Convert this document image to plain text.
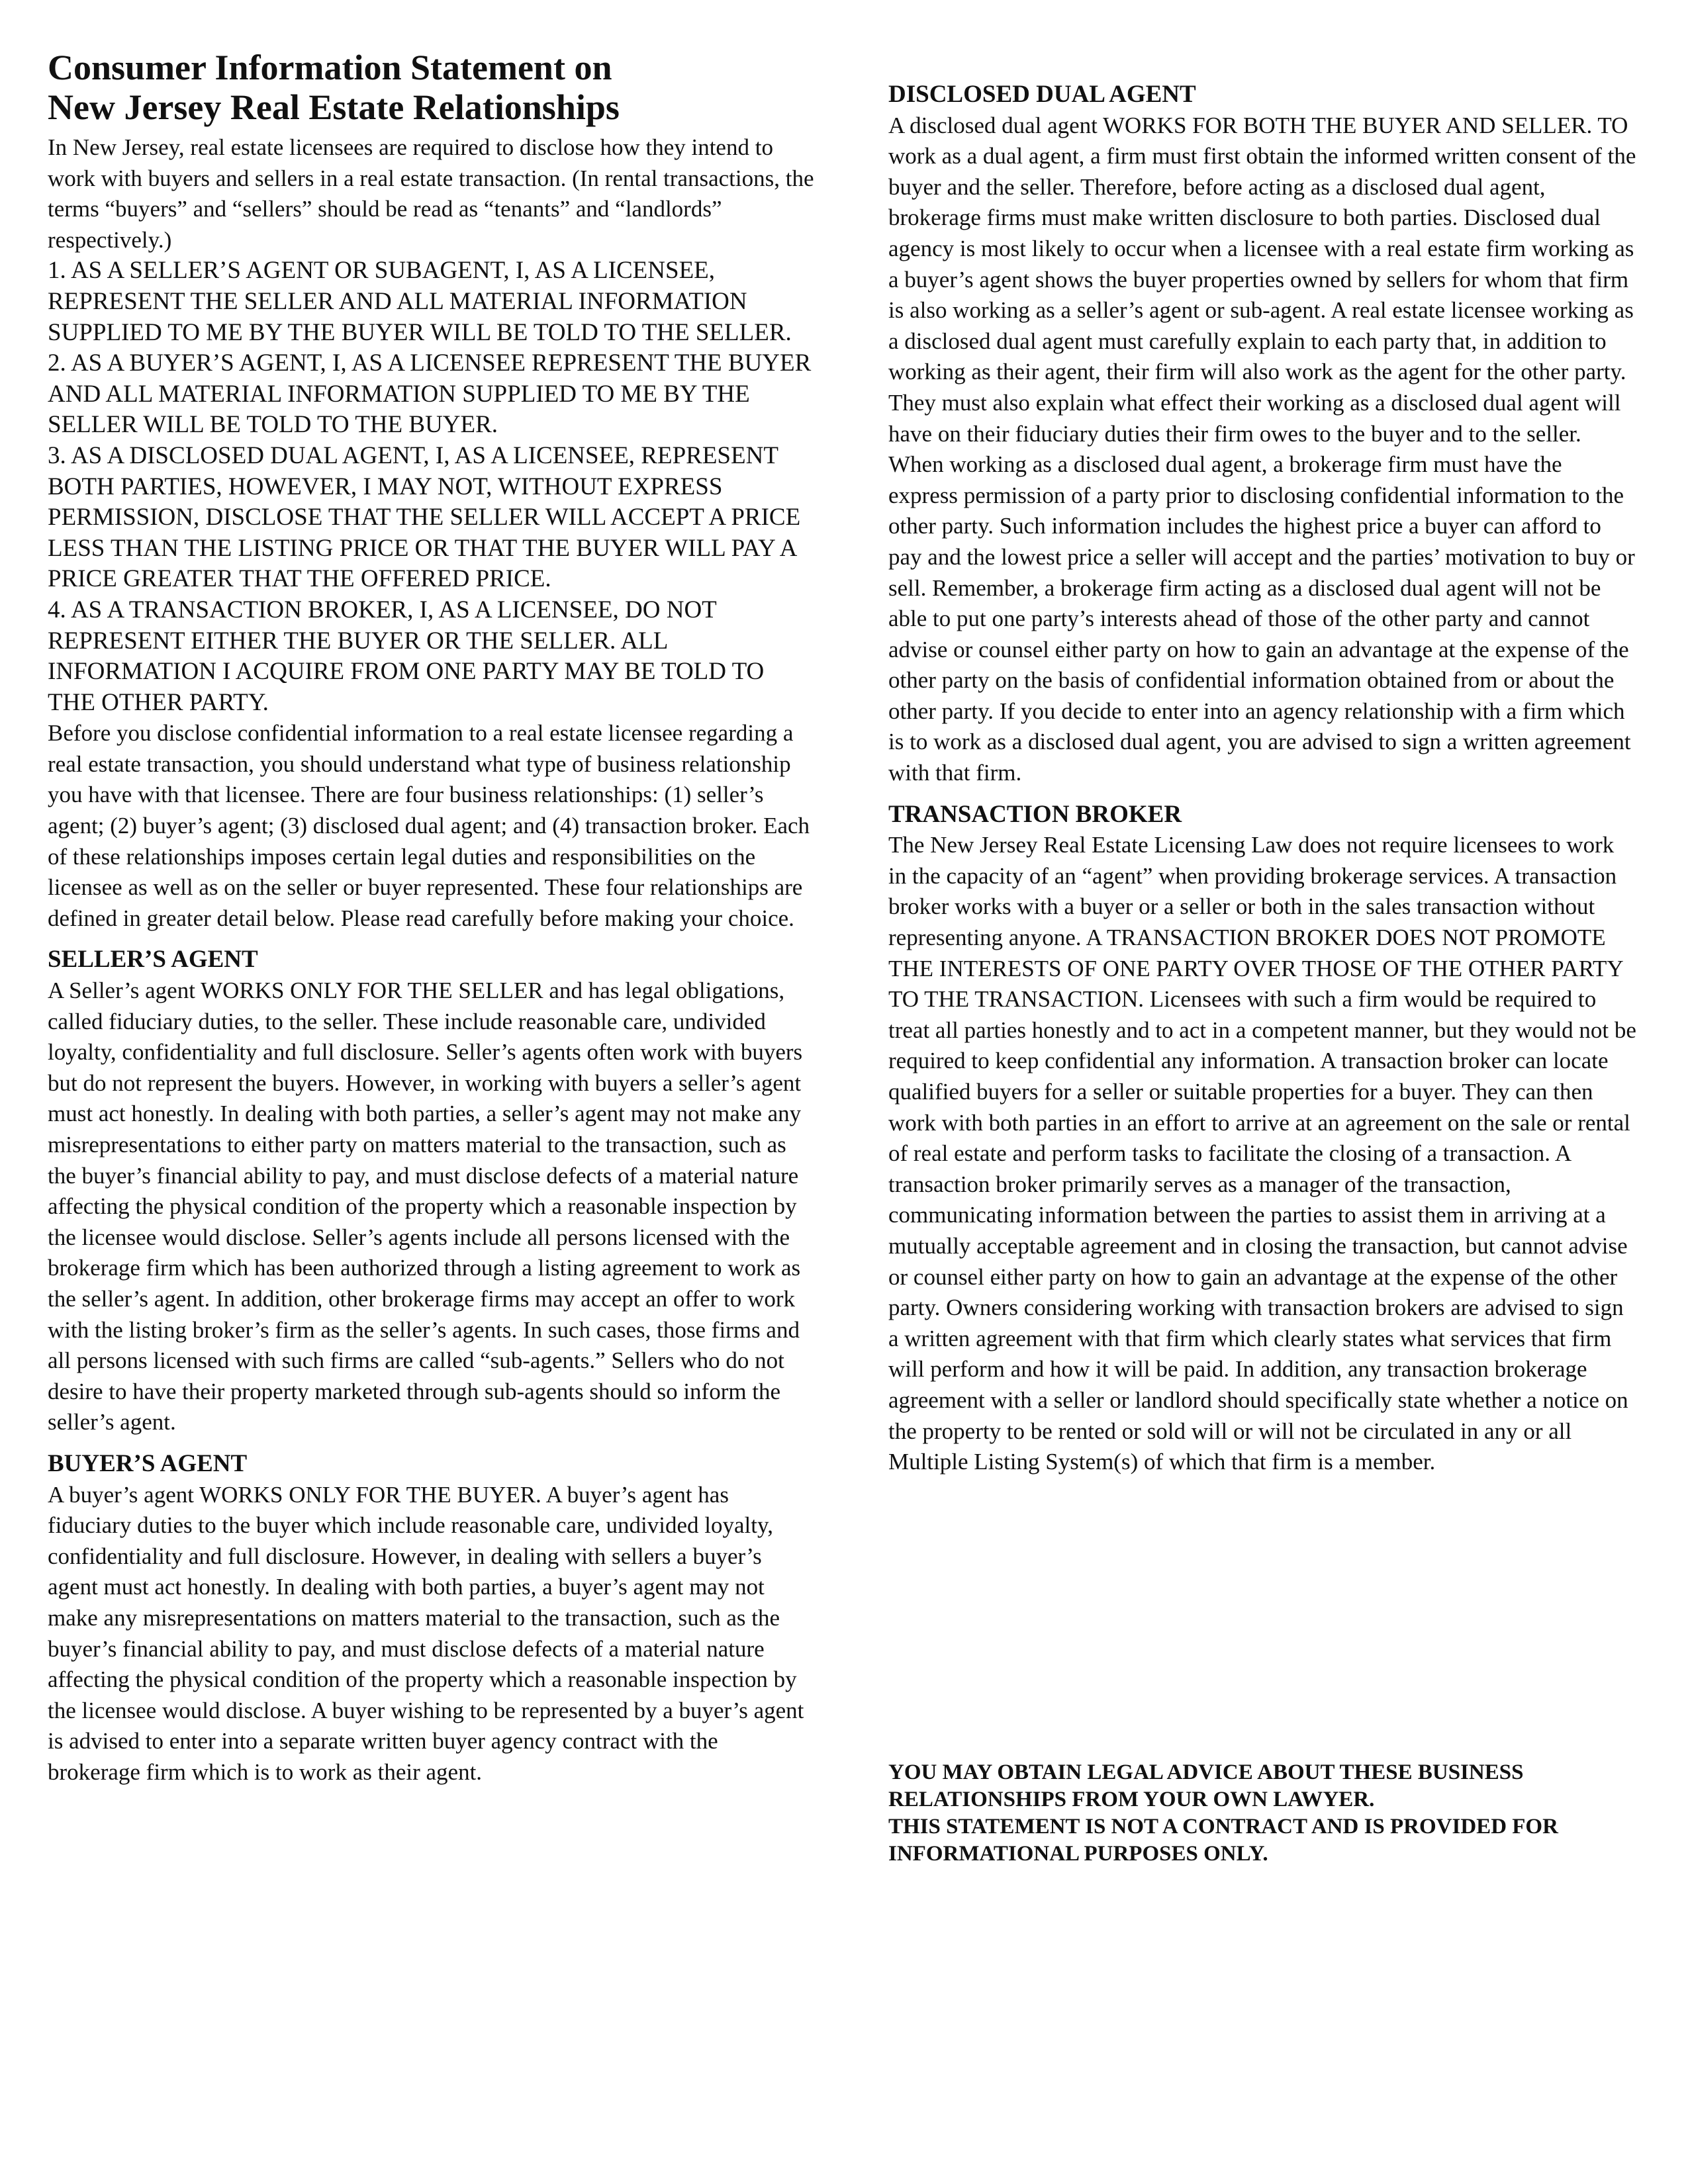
Consumer Information Statement on
New Jersey Real Estate Relationships

In New Jersey, real estate licensees are required to disclose how they intend to work with buyers and sellers in a real estate transaction. (In rental transactions, the terms “buyers” and “sellers” should be read as “tenants” and “landlords” respectively.)

1. AS A SELLER’S AGENT OR SUBAGENT, I, AS A LICENSEE, REPRESENT THE SELLER AND ALL MATERIAL INFORMATION SUPPLIED TO ME BY THE BUYER WILL BE TOLD TO THE SELLER.

2. AS A BUYER’S AGENT, I, AS A LICENSEE REPRESENT THE BUYER AND ALL MATERIAL INFORMATION SUPPLIED TO ME BY THE SELLER WILL BE TOLD TO THE BUYER.

3. AS A DISCLOSED DUAL AGENT, I, AS A LICENSEE, REPRESENT BOTH PARTIES, HOWEVER, I MAY NOT, WITHOUT EXPRESS PERMISSION, DISCLOSE THAT THE SELLER WILL ACCEPT A PRICE LESS THAN THE LISTING PRICE OR THAT THE BUYER WILL PAY A PRICE GREATER THAT THE OFFERED PRICE.

4. AS A TRANSACTION BROKER, I, AS A LICENSEE, DO NOT REPRESENT EITHER THE BUYER OR THE SELLER. ALL INFORMATION I ACQUIRE FROM ONE PARTY MAY BE TOLD TO THE OTHER PARTY.

Before you disclose confidential information to a real estate licensee regarding a real estate transaction, you should understand what type of business relationship you have with that licensee. There are four business relationships: (1) seller’s agent; (2) buyer’s agent; (3) disclosed dual agent; and (4) transaction broker. Each of these relationships imposes certain legal duties and responsibilities on the licensee as well as on the seller or buyer represented. These four relationships are defined in greater detail below. Please read carefully before making your choice.

SELLER’S AGENT

A Seller’s agent WORKS ONLY FOR THE SELLER and has legal obligations, called fiduciary duties, to the seller. These include reasonable care, undivided loyalty, confidentiality and full disclosure. Seller’s agents often work with buyers but do not represent the buyers. However, in working with buyers a seller’s agent must act honestly. In dealing with both parties, a seller’s agent may not make any misrepresentations to either party on matters material to the transaction, such as the buyer’s financial ability to pay, and must disclose defects of a material nature affecting the physical condition of the property which a reasonable inspection by the licensee would disclose. Seller’s agents include all persons licensed with the brokerage firm which has been authorized through a listing agreement to work as the seller’s agent. In addition, other brokerage firms may accept an offer to work with the listing broker’s firm as the seller’s agents. In such cases, those firms and all persons licensed with such firms are called “sub-agents.” Sellers who do not desire to have their property marketed through sub-agents should so inform the seller’s agent.

BUYER’S AGENT

A buyer’s agent WORKS ONLY FOR THE BUYER. A buyer’s agent has fiduciary duties to the buyer which include reasonable care, undivided loyalty, confidentiality and full disclosure. However, in dealing with sellers a buyer’s agent must act honestly. In dealing with both parties, a buyer’s agent may not make any misrepresentations on matters material to the transaction, such as the buyer’s financial ability to pay, and must disclose defects of a material nature affecting the physical condition of the property which a reasonable inspection by the licensee would disclose. A buyer wishing to be represented by a buyer’s agent is advised to enter into a separate written buyer agency contract with the brokerage firm which is to work as their agent.

DISCLOSED DUAL AGENT

A disclosed dual agent WORKS FOR BOTH THE BUYER AND SELLER. TO work as a dual agent, a firm must first obtain the informed written consent of the buyer and the seller. Therefore, before acting as a disclosed dual agent, brokerage firms must make written disclosure to both parties. Disclosed dual agency is most likely to occur when a licensee with a real estate firm working as a buyer’s agent shows the buyer properties owned by sellers for whom that firm is also working as a seller’s agent or sub-agent. A real estate licensee working as a disclosed dual agent must carefully explain to each party that, in addition to working as their agent, their firm will also work as the agent for the other party. They must also explain what effect their working as a disclosed dual agent will have on their fiduciary duties their firm owes to the buyer and to the seller. When working as a disclosed dual agent, a brokerage firm must have the express permission of a party prior to disclosing confidential information to the other party. Such information includes the highest price a buyer can afford to pay and the lowest price a seller will accept and the parties’ motivation to buy or sell. Remember, a brokerage firm acting as a disclosed dual agent will not be able to put one party’s interests ahead of those of the other party and cannot advise or counsel either party on how to gain an advantage at the expense of the other party on the basis of confidential information obtained from or about the other party. If you decide to enter into an agency relationship with a firm which is to work as a disclosed dual agent, you are advised to sign a written agreement with that firm.

TRANSACTION BROKER

The New Jersey Real Estate Licensing Law does not require licensees to work in the capacity of an “agent” when providing brokerage services. A transaction broker works with a buyer or a seller or both in the sales transaction without representing anyone. A TRANSACTION BROKER DOES NOT PROMOTE THE INTERESTS OF ONE PARTY OVER THOSE OF THE OTHER PARTY TO THE TRANSACTION. Licensees with such a firm would be required to treat all parties honestly and to act in a competent manner, but they would not be required to keep confidential any information. A transaction broker can locate qualified buyers for a seller or suitable properties for a buyer. They can then work with both parties in an effort to arrive at an agreement on the sale or rental of real estate and perform tasks to facilitate the closing of a transaction. A transaction broker primarily serves as a manager of the transaction, communicating information between the parties to assist them in arriving at a mutually acceptable agreement and in closing the transaction, but cannot advise or counsel either party on how to gain an advantage at the expense of the other party. Owners considering working with transaction brokers are advised to sign a written agreement with that firm which clearly states what services that firm will perform and how it will be paid. In addition, any transaction brokerage agreement with a seller or landlord should specifically state whether a notice on the property to be rented or sold will or will not be circulated in any or all Multiple Listing System(s) of which that firm is a member.

YOU MAY OBTAIN LEGAL ADVICE ABOUT THESE BUSINESS RELATIONSHIPS FROM YOUR OWN LAWYER.

THIS STATEMENT IS NOT A CONTRACT AND IS PROVIDED FOR INFORMATIONAL PURPOSES ONLY.
